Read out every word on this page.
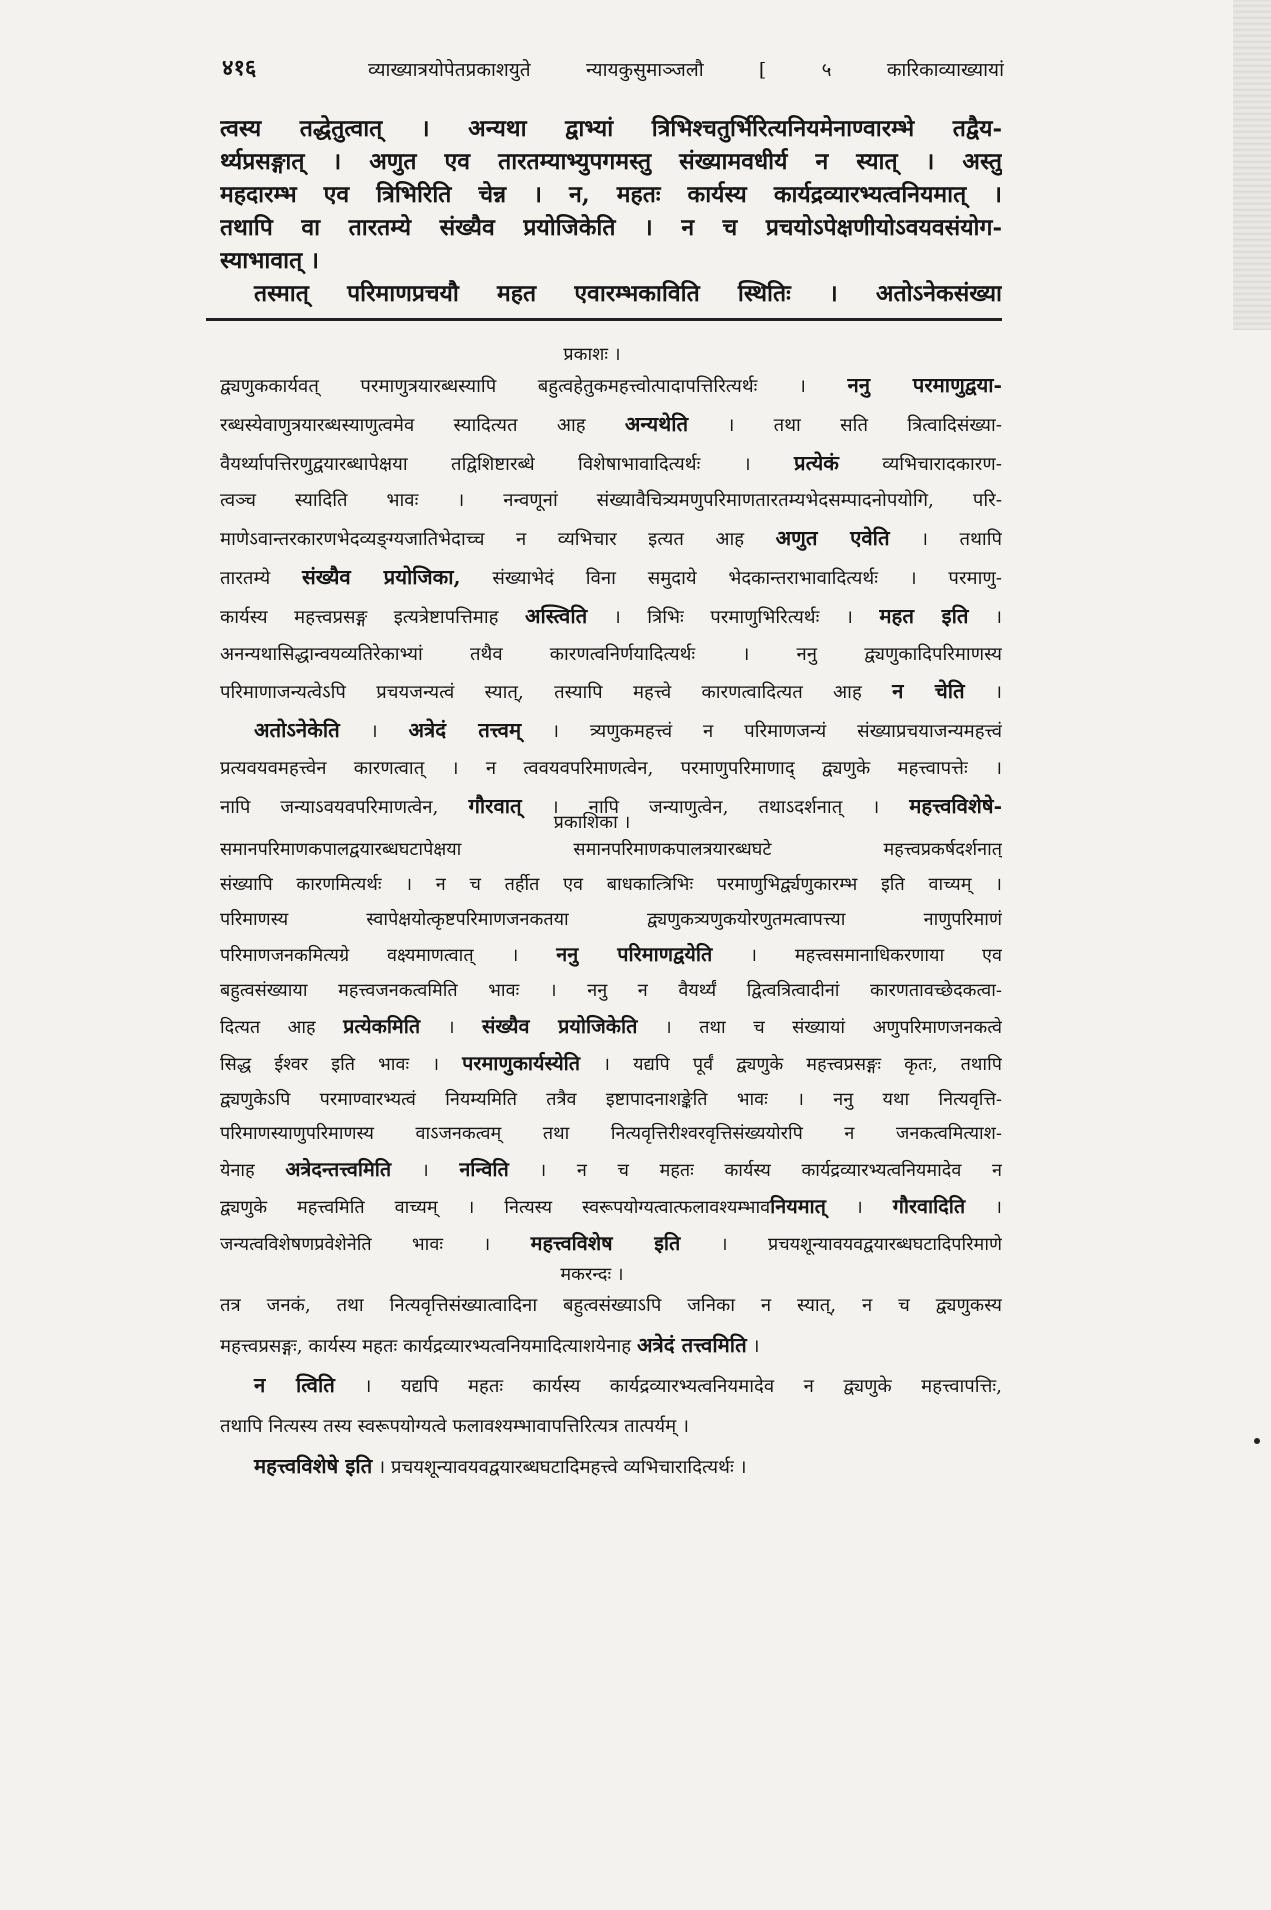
४१६	व्याख्यात्रयोपेतप्रकाशयुते न्यायकुसुमाञ्जलौ [ ५ कारिकाव्याख्यायां
त्वस्य तद्धेतुत्वात् । अन्यथा द्वाभ्यां त्रिभिश्चतुर्भिरित्यनियमेनाण्वारम्भे तद्वैय-
र्थ्यप्रसङ्गात् । अणुत एव तारतम्याभ्युपगमस्तु संख्यामवधीर्य न स्यात् । अस्तु
महदारम्भ एव त्रिभिरिति चेन्न । न, महतः कार्यस्य कार्यद्रव्यारभ्यत्वनियमात् ।
तथापि वा तारतम्ये संख्यैव प्रयोजिकेति । न च प्रचयोऽपेक्षणीयोऽवयवसंयोग-
स्याभावात् ।
तस्मात् परिमाणप्रचयौ महत एवारम्भकाविति स्थितिः । अतोऽनेकसंख्या
प्रकाशः ।
द्व्यणुककार्यवत् परमाणुत्रयारब्धस्यापि बहुत्वहेतुकमहत्त्वोत्पादापत्तिरित्यर्थः । ननु परमाणुद्वया-
रब्धस्येवाणुत्रयारब्धस्याणुत्वमेव स्यादित्यत आह अन्यथेति । तथा सति त्रित्वादिसंख्या-
वैयर्थ्यापत्तिरणुद्वयारब्धापेक्षया तद्विशिष्टारब्धे विशेषाभावादित्यर्थः । प्रत्येकं व्यभिचारादकारण-
त्वञ्च स्यादिति भावः । नन्वणूनां संख्यावैचित्र्यमणुपरिमाणतारतम्यभेदसम्पादनोपयोगि, परि-
माणेऽवान्तरकारणभेदव्यङ्ग्यजातिभेदाच्च न व्यभिचार इत्यत आह अणुत एवेति । तथापि
तारतम्ये संख्यैव प्रयोजिका, संख्याभेदं विना समुदाये भेदकान्तराभावादित्यर्थः । परमाणु-
कार्यस्य महत्त्वप्रसङ्ग इत्यत्रेष्टापत्तिमाह अस्त्विति । त्रिभिः परमाणुभिरित्यर्थः । महत इति ।
अनन्यथासिद्धान्वयव्यतिरेकाभ्यां तथैव कारणत्वनिर्णयादित्यर्थः । ननु द्व्यणुकादिपरिमाणस्य
परिमाणाजन्यत्वेऽपि प्रचयजन्यत्वं स्यात्, तस्यापि महत्त्वे कारणत्वादित्यत आह न चेति ।
अतोऽनेकेति । अत्रेदं तत्त्वम् । त्र्यणुकमहत्त्वं न परिमाणजन्यं संख्याप्रचयाजन्यमहत्त्वं
प्रत्यवयवमहत्त्वेन कारणत्वात् । न त्ववयवपरिमाणत्वेन, परमाणुपरिमाणाद् द्व्यणुके महत्त्वापत्तेः ।
नापि जन्याऽवयवपरिमाणत्वेन, गौरवात् । नापि जन्याणुत्वेन, तथाऽदर्शनात् । महत्त्वविशेषे-
प्रकाशिका ।
समानपरिमाणकपालद्वयारब्धघटापेक्षया समानपरिमाणकपालत्रयारब्धघटे महत्त्वप्रकर्षदर्शनात्
संख्यापि कारणमित्यर्थः । न च तर्हीत एव बाधकात्त्रिभिः परमाणुभिर्द्व्यणुकारम्भ इति वाच्यम् ।
परिमाणस्य स्वापेक्षयोत्कृष्टपरिमाणजनकतया द्व्यणुकत्र्यणुकयोरणुतमत्वापत्त्या नाणुपरिमाणं
परिमाणजनकमित्यग्रे वक्ष्यमाणत्वात् । ननु परिमाणद्वयेति । महत्त्वसमानाधिकरणाया एव
बहुत्वसंख्याया महत्त्वजनकत्वमिति भावः । ननु न वैयर्थ्यं द्वित्वत्रित्वादीनां कारणतावच्छेदकत्वा-
दित्यत आह प्रत्येकमिति । संख्यैव प्रयोजिकेति । तथा च संख्यायां अणुपरिमाणजनकत्वे
सिद्ध ईश्वर इति भावः । परमाणुकार्यस्येति । यद्यपि पूर्वं द्व्यणुके महत्त्वप्रसङ्गः कृतः, तथापि
द्व्यणुकेऽपि परमाण्वारभ्यत्वं नियम्यमिति तत्रैव इष्टापादनाशङ्केति भावः । ननु यथा नित्यवृत्ति-
परिमाणस्याणुपरिमाणस्य वाऽजनकत्वम् तथा नित्यवृत्तिरीश्वरवृत्तिसंख्ययोरपि न जनकत्वमित्याश-
येनाह अत्रेदन्तत्त्वमिति । नन्विति । न च महतः कार्यस्य कार्यद्रव्यारभ्यत्वनियमादेव न
द्व्यणुके महत्त्वमिति वाच्यम् । नित्यस्य स्वरूपयोग्यत्वात्फलावश्यम्भावनियमात् । गौरवादिति ।
जन्यत्वविशेषणप्रवेशेनेति भावः । महत्त्वविशेष इति । प्रचयशून्यावयवद्वयारब्धघटादिपरिमाणे
मकरन्दः ।
तत्र जनकं, तथा नित्यवृत्तिसंख्यात्वादिना बहुत्वसंख्याऽपि जनिका न स्यात्, न च द्व्यणुकस्य
महत्त्वप्रसङ्गः, कार्यस्य महतः कार्यद्रव्यारभ्यत्वनियमादित्याशयेनाह अत्रेदं तत्त्वमिति ।
न त्विति । यद्यपि महतः कार्यस्य कार्यद्रव्यारभ्यत्वनियमादेव न द्व्यणुके महत्त्वापत्तिः,
तथापि नित्यस्य तस्य स्वरूपयोग्यत्वे फलावश्यम्भावापत्तिरित्यत्र तात्पर्यम् ।
महत्त्वविशेषे इति । प्रचयशून्यावयवद्वयारब्धघटादिमहत्त्वे व्यभिचारादित्यर्थः ।
